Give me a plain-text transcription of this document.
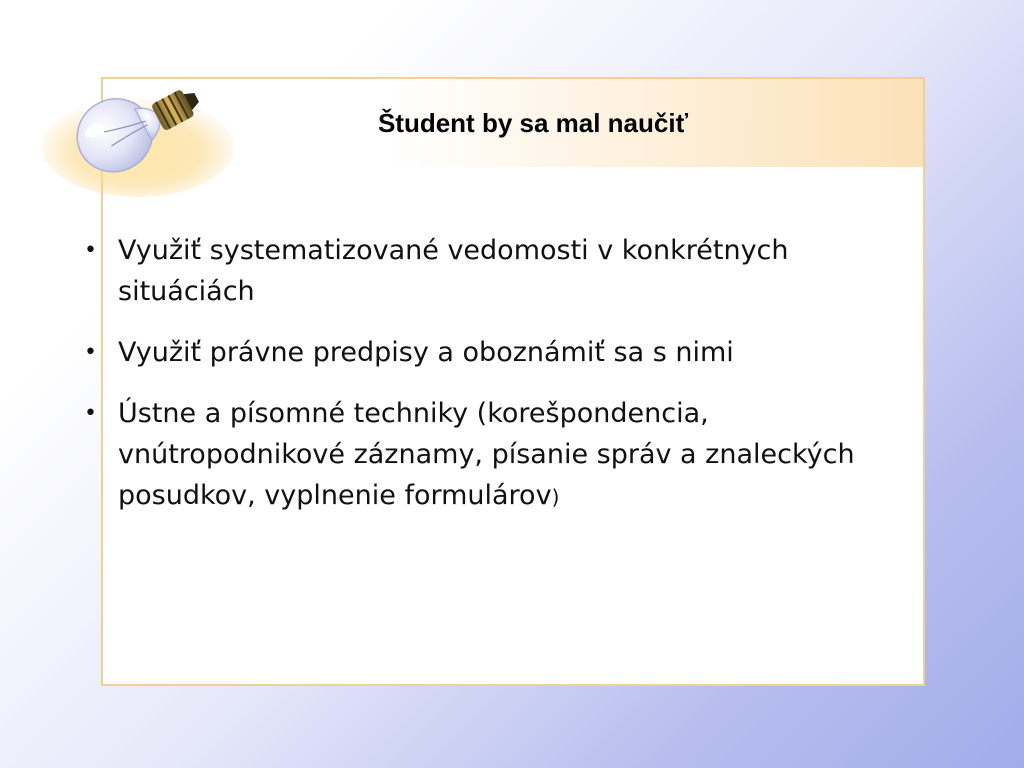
Študent by sa mal naučiť
• Využiť systematizované vedomosti v konkrétnych situáciách
• Využiť právne predpisy a oboznámiť sa s nimi
• Ústne a písomné techniky (korešpondencia, vnútropodnikové záznamy, písanie správ a znaleckých posudkov, vyplnenie formulárov)
